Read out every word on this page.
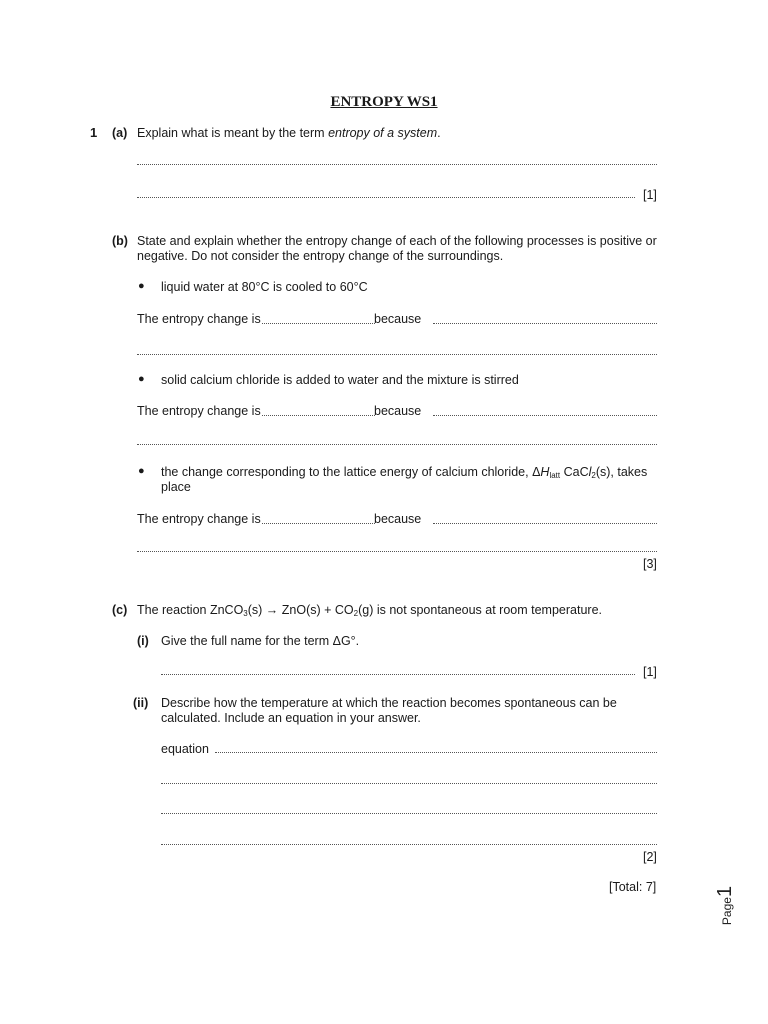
ENTROPY WS1
1 (a) Explain what is meant by the term entropy of a system.
[1]
(b) State and explain whether the entropy change of each of the following processes is positive or
negative. Do not consider the entropy change of the surroundings.
● liquid water at 80°C is cooled to 60°C
The entropy change is	because
● solid calcium chloride is added to water and the mixture is stirred
The entropy change is	because
● the change corresponding to the lattice energy of calcium chloride, $\Delta H_{latt}$ CaCl$_2$(s), takes
place
The entropy change is	because
[3]
(c) The reaction ZnCO$_3$(s) → $ZnO(s) + CO_2(g)$ is not spontaneous at room temperature.
(i) Give the full name for the term ΔG°.
[1]
(ii) Describe how the temperature at which the reaction becomes spontaneous can be
calculated. Include an equation in your answer.
equation
[2]
[Total: 7]
Page1
